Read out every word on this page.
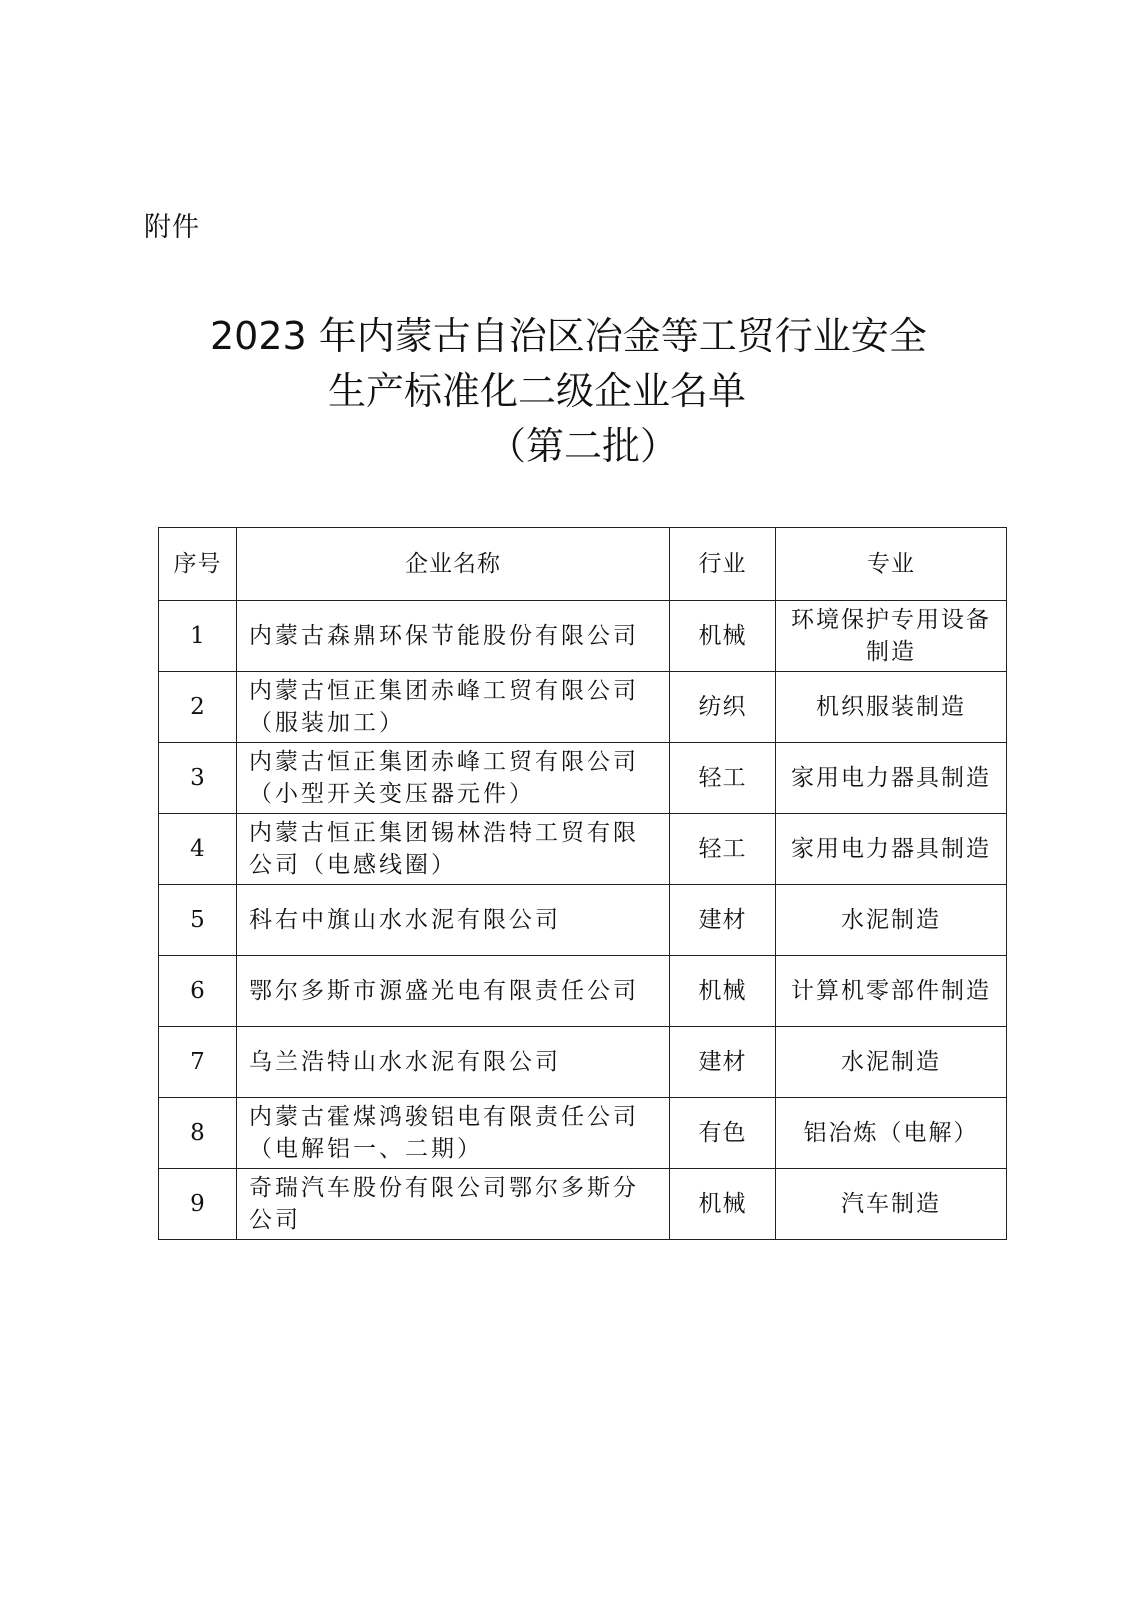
附件
2023 年内蒙古自治区冶金等工贸行业安全
生产标准化二级企业名单
（第二批）
序号	企业名称	行业	专业
1	内蒙古森鼎环保节能股份有限公司	机械	环境保护专用设备制造
2	内蒙古恒正集团赤峰工贸有限公司（服装加工）	纺织	机织服装制造
3	内蒙古恒正集团赤峰工贸有限公司（小型开关变压器元件）	轻工	家用电力器具制造
4	内蒙古恒正集团锡林浩特工贸有限公司（电感线圈）	轻工	家用电力器具制造
5	科右中旗山水水泥有限公司	建材	水泥制造
6	鄂尔多斯市源盛光电有限责任公司	机械	计算机零部件制造
7	乌兰浩特山水水泥有限公司	建材	水泥制造
8	内蒙古霍煤鸿骏铝电有限责任公司（电解铝一、二期）	有色	铝冶炼（电解）
9	奇瑞汽车股份有限公司鄂尔多斯分公司	机械	汽车制造
